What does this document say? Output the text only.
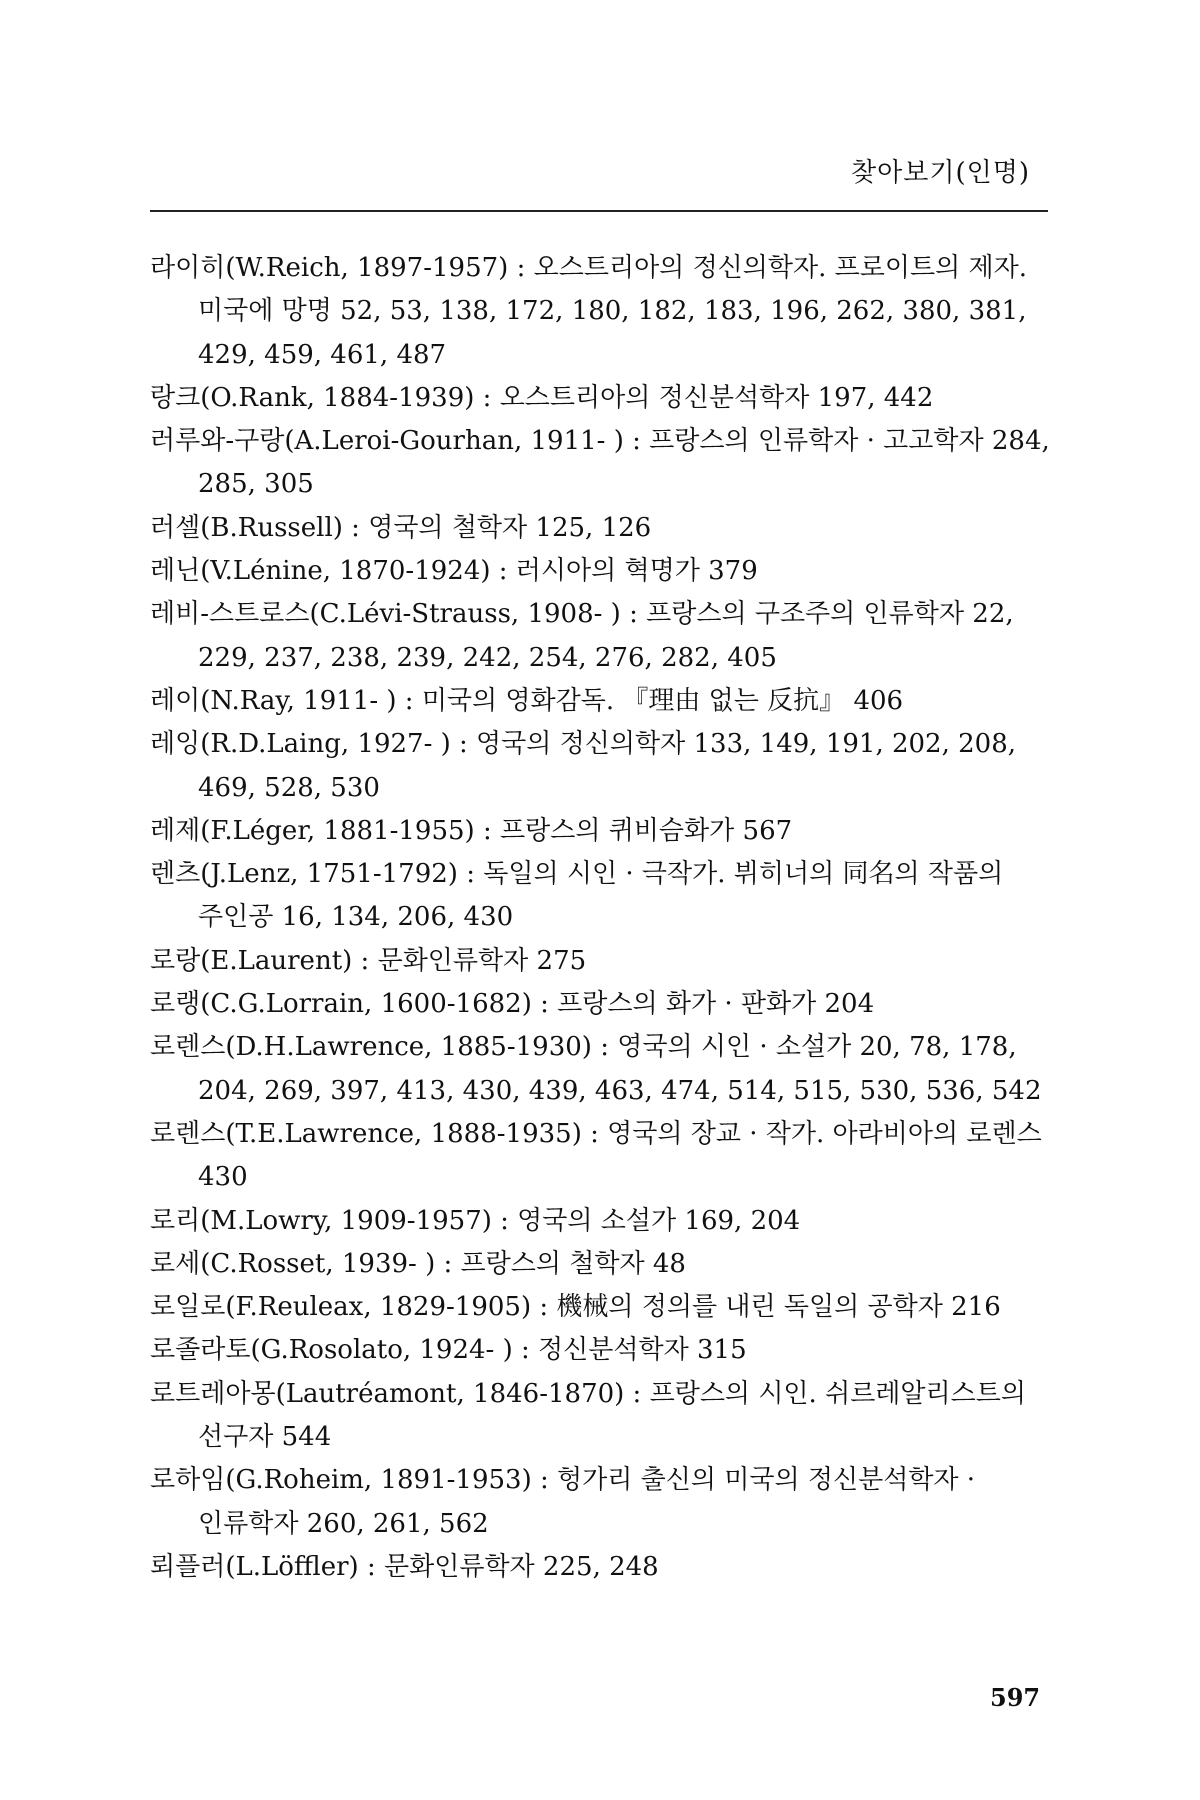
찾아보기(인명)
라이히(W.Reich, 1897-1957) : 오스트리아의 정신의학자. 프로이트의 제자. 미국에 망명 52, 53, 138, 172, 180, 182, 183, 196, 262, 380, 381, 429, 459, 461, 487
랑크(O.Rank, 1884-1939) : 오스트리아의 정신분석학자 197, 442
러루와-구랑(A.Leroi-Gourhan, 1911- ) : 프랑스의 인류학자 · 고고학자 284, 285, 305
러셀(B.Russell) : 영국의 철학자 125, 126
레닌(V.Lénine, 1870-1924) : 러시아의 혁명가 379
레비-스트로스(C.Lévi-Strauss, 1908- ) : 프랑스의 구조주의 인류학자 22, 229, 237, 238, 239, 242, 254, 276, 282, 405
레이(N.Ray, 1911- ) : 미국의 영화감독. 『理由 없는 反抗』 406
레잉(R.D.Laing, 1927- ) : 영국의 정신의학자 133, 149, 191, 202, 208, 469, 528, 530
레제(F.Léger, 1881-1955) : 프랑스의 퀴비슴화가 567
렌츠(J.Lenz, 1751-1792) : 독일의 시인 · 극작가. 뷔히너의 同名의 작품의 주인공 16, 134, 206, 430
로랑(E.Laurent) : 문화인류학자 275
로랭(C.G.Lorrain, 1600-1682) : 프랑스의 화가 · 판화가 204
로렌스(D.H.Lawrence, 1885-1930) : 영국의 시인 · 소설가 20, 78, 178, 204, 269, 397, 413, 430, 439, 463, 474, 514, 515, 530, 536, 542
로렌스(T.E.Lawrence, 1888-1935) : 영국의 장교 · 작가. 아라비아의 로렌스 430
로리(M.Lowry, 1909-1957) : 영국의 소설가 169, 204
로세(C.Rosset, 1939- ) : 프랑스의 철학자 48
로일로(F.Reuleax, 1829-1905) : 機械의 정의를 내린 독일의 공학자 216
로졸라토(G.Rosolato, 1924- ) : 정신분석학자 315
로트레아몽(Lautréamont, 1846-1870) : 프랑스의 시인. 쉬르레알리스트의 선구자 544
로하임(G.Roheim, 1891-1953) : 헝가리 출신의 미국의 정신분석학자 · 인류학자 260, 261, 562
뢰플러(L.Löffler) : 문화인류학자 225, 248
597
